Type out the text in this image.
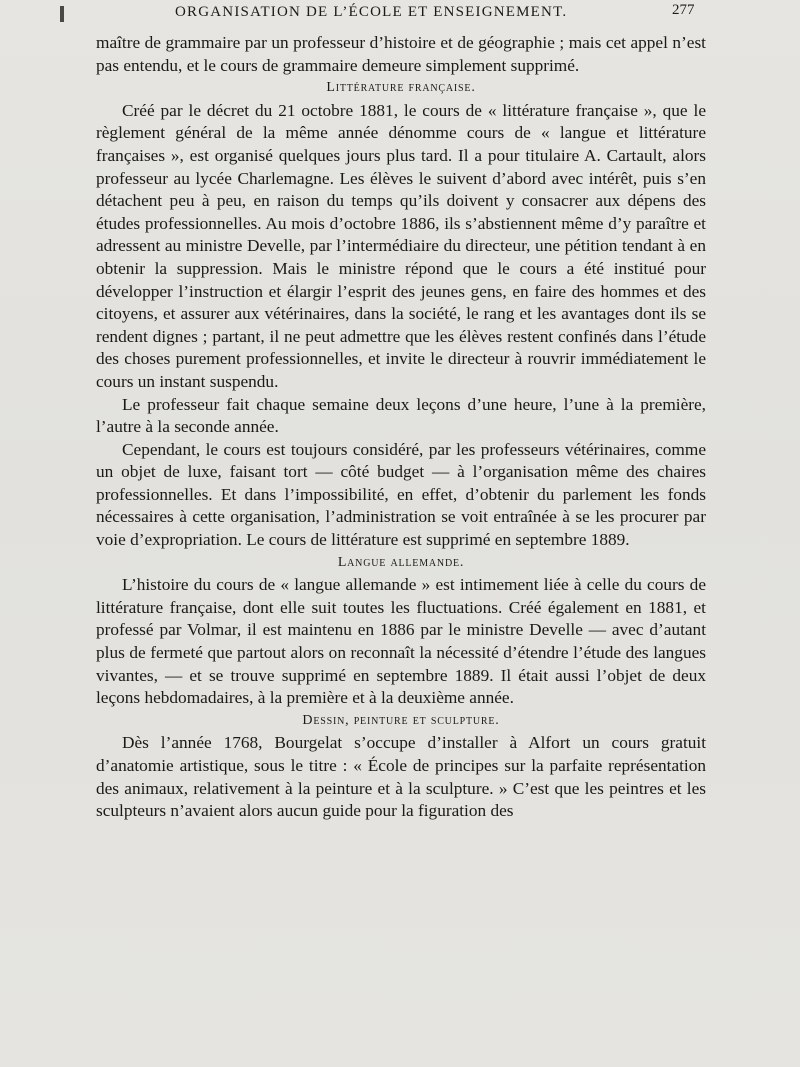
ORGANISATION DE L’ÉCOLE ET ENSEIGNEMENT.	277

maître de grammaire par un professeur d’histoire et de géographie ; mais cet appel n’est pas entendu, et le cours de grammaire demeure simplement supprimé.

Littérature française.

Créé par le décret du 21 octobre 1881, le cours de « littérature française », que le règlement général de la même année dénomme cours de « langue et littérature françaises », est organisé quelques jours plus tard. Il a pour titulaire A. Cartault, alors professeur au lycée Charlemagne. Les élèves le suivent d’abord avec intérêt, puis s’en détachent peu à peu, en raison du temps qu’ils doivent y consacrer aux dépens des études professionnelles. Au mois d’octobre 1886, ils s’abstiennent même d’y paraître et adressent au ministre Develle, par l’intermédiaire du directeur, une pétition tendant à en obtenir la suppression. Mais le ministre répond que le cours a été institué pour développer l’instruction et élargir l’esprit des jeunes gens, en faire des hommes et des citoyens, et assurer aux vétérinaires, dans la société, le rang et les avantages dont ils se rendent dignes ; partant, il ne peut admettre que les élèves restent confinés dans l’étude des choses purement professionnelles, et invite le directeur à rouvrir immédiatement le cours un instant suspendu.

Le professeur fait chaque semaine deux leçons d’une heure, l’une à la première, l’autre à la seconde année.

Cependant, le cours est toujours considéré, par les professeurs vétérinaires, comme un objet de luxe, faisant tort — côté budget — à l’organisation même des chaires professionnelles. Et dans l’impossibilité, en effet, d’obtenir du parlement les fonds nécessaires à cette organisation, l’administration se voit entraînée à se les procurer par voie d’expropriation. Le cours de littérature est supprimé en septembre 1889.

Langue allemande.

L’histoire du cours de « langue allemande » est intimement liée à celle du cours de littérature française, dont elle suit toutes les fluctuations. Créé également en 1881, et professé par Volmar, il est maintenu en 1886 par le ministre Develle — avec d’autant plus de fermeté que partout alors on reconnaît la nécessité d’étendre l’étude des langues vivantes, — et se trouve supprimé en septembre 1889. Il était aussi l’objet de deux leçons hebdomadaires, à la première et à la deuxième année.

Dessin, peinture et sculpture.

Dès l’année 1768, Bourgelat s’occupe d’installer à Alfort un cours gratuit d’anatomie artistique, sous le titre : « École de principes sur la parfaite représentation des animaux, relativement à la peinture et à la sculpture. » C’est que les peintres et les sculpteurs n’avaient alors aucun guide pour la figuration des
